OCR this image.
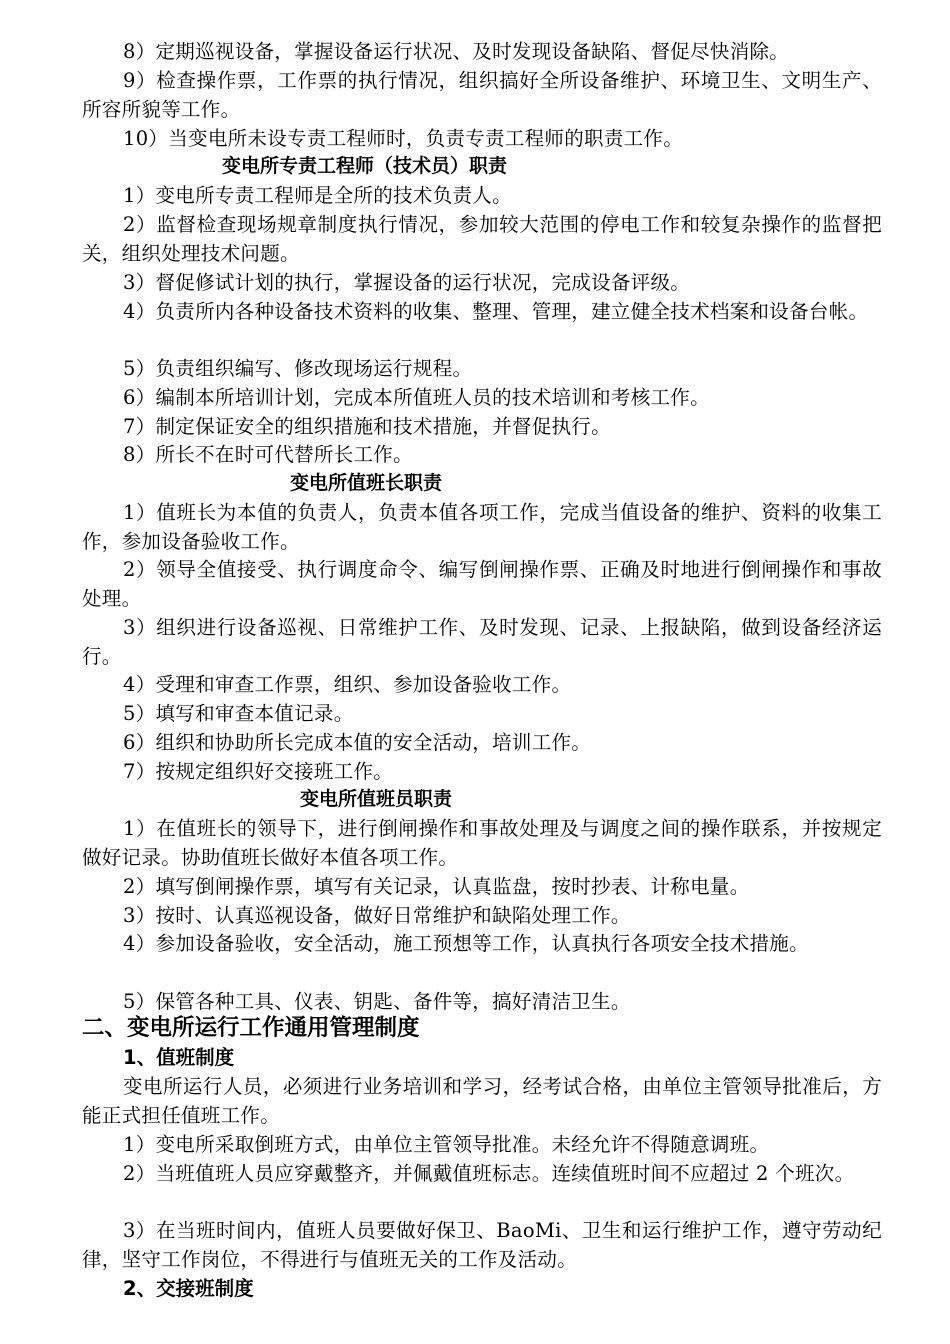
8）定期巡视设备，掌握设备运行状况、及时发现设备缺陷、督促尽快消除。

9）检查操作票，工作票的执行情况，组织搞好全所设备维护、环境卫生、文明生产、所容所貌等工作。

10）当变电所未设专责工程师时，负责专责工程师的职责工作。

变电所专责工程师（技术员）职责

1）变电所专责工程师是全所的技术负责人。

2）监督检查现场规章制度执行情况，参加较大范围的停电工作和较复杂操作的监督把关，组织处理技术问题。

3）督促修试计划的执行，掌握设备的运行状况，完成设备评级。

4）负责所内各种设备技术资料的收集、整理、管理，建立健全技术档案和设备台帐。

5）负责组织编写、修改现场运行规程。

6）编制本所培训计划，完成本所值班人员的技术培训和考核工作。

7）制定保证安全的组织措施和技术措施，并督促执行。

8）所长不在时可代替所长工作。

变电所值班长职责

1）值班长为本值的负责人，负责本值各项工作，完成当值设备的维护、资料的收集工作，参加设备验收工作。

2）领导全值接受、执行调度命令、编写倒闸操作票、正确及时地进行倒闸操作和事故处理。

3）组织进行设备巡视、日常维护工作、及时发现、记录、上报缺陷，做到设备经济运行。

4）受理和审查工作票，组织、参加设备验收工作。

5）填写和审查本值记录。

6）组织和协助所长完成本值的安全活动，培训工作。

7）按规定组织好交接班工作。

变电所值班员职责

1）在值班长的领导下，进行倒闸操作和事故处理及与调度之间的操作联系，并按规定做好记录。协助值班长做好本值各项工作。

2）填写倒闸操作票，填写有关记录，认真监盘，按时抄表、计称电量。

3）按时、认真巡视设备，做好日常维护和缺陷处理工作。

4）参加设备验收，安全活动，施工预想等工作，认真执行各项安全技术措施。

5）保管各种工具、仪表、钥匙、备件等，搞好清洁卫生。

二、变电所运行工作通用管理制度
1、值班制度

变电所运行人员，必须进行业务培训和学习，经考试合格，由单位主管领导批准后，方能正式担任值班工作。

1）变电所采取倒班方式，由单位主管领导批准。未经允许不得随意调班。

2）当班值班人员应穿戴整齐，并佩戴值班标志。连续值班时间不应超过 2 个班次。

3）在当班时间内，值班人员要做好保卫、BaoMi、卫生和运行维护工作，遵守劳动纪律，坚守工作岗位，不得进行与值班无关的工作及活动。

2、交接班制度
